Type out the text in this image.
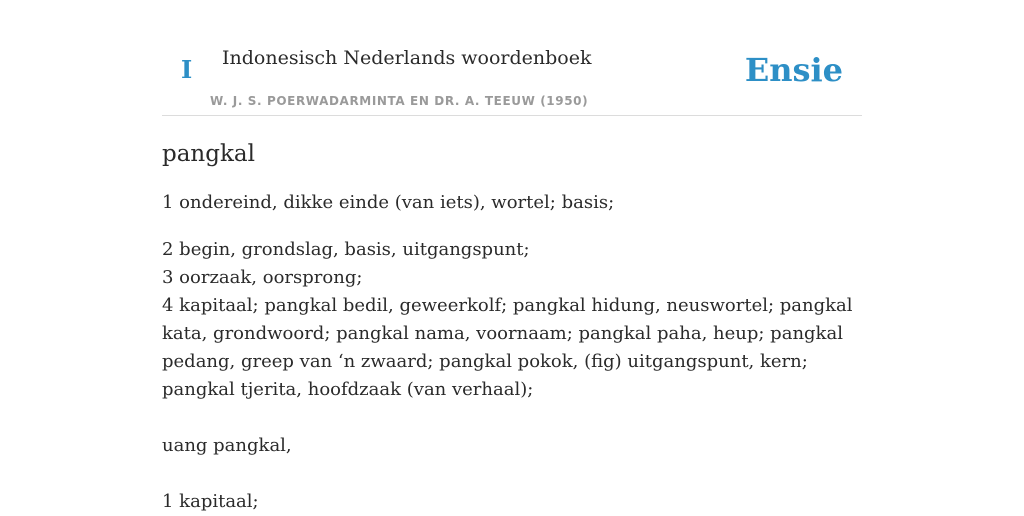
I Indonesisch Nederlands woordenboek
W. J. S. POERWADARMINTA EN DR. A. TEEUW (1950)
Ensie
pangkal

1 ondereind, dikke einde (van iets), wortel; basis;

2 begin, grondslag, basis, uitgangspunt;

3 oorzaak, oorsprong;

4 kapitaal; pangkal bedil, geweerkolf; pangkal hidung, neuswortel; pangkal kata, grondwoord; pangkal nama, voornaam; pangkal paha, heup; pangkal pedang, greep van ‘n zwaard; pangkal pokok, (fig) uitgangspunt, kern; pangkal tjerita, hoofdzaak (van verhaal);

uang pangkal,

1 kapitaal;
